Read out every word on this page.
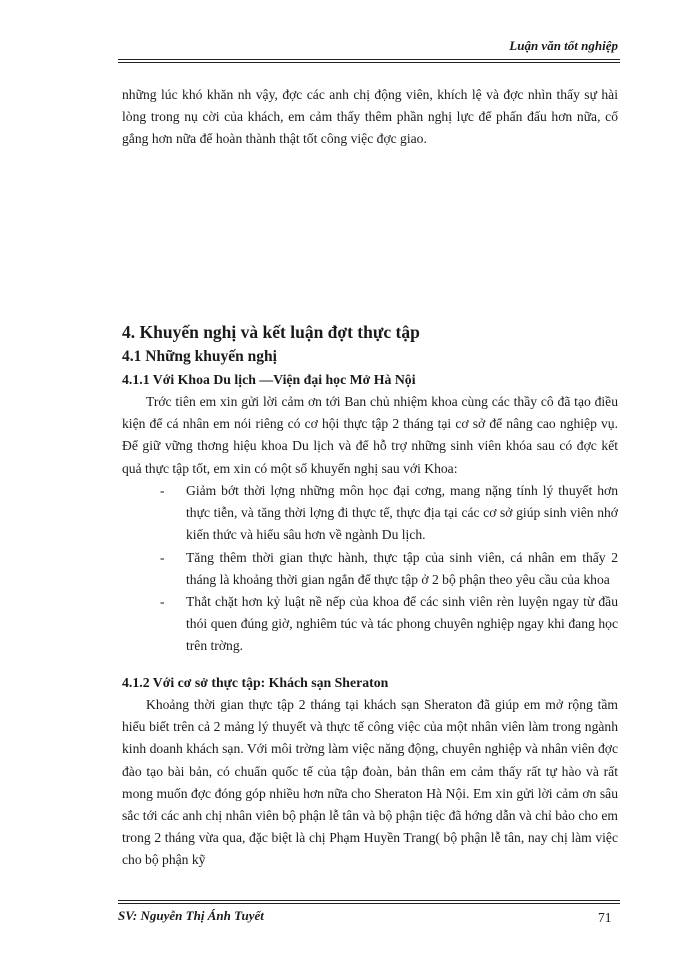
Luận văn tốt nghiệp
những lúc khó khăn nh vậy, đợc các anh chị động viên, khích lệ và đợc nhìn thấy sự hài lòng trong nụ cời của khách, em cảm thấy thêm phần nghị lực để phấn đấu hơn nữa, cố gắng hơn nữa để hoàn thành thật tốt công việc đợc giao.
4. Khuyến nghị và kết luận đợt thực tập
4.1 Những khuyến nghị
4.1.1 Với Khoa Du lịch —Viện đại học Mở Hà Nội
Trớc tiên em xin gửi lời cảm ơn tới Ban chủ nhiệm khoa cùng các thầy cô đã tạo điều kiện để cá nhân em nói riêng có cơ hội thực tập 2 tháng tại cơ sở để nâng cao nghiệp vụ. Để giữ vững thơng hiệu khoa Du lịch và để hỗ trợ những sinh viên khóa sau có đợc kết quả thực tập tốt, em xin có một số khuyến nghị sau với Khoa:
- Giảm bớt thời lợng những môn học đại cơng, mang nặng tính lý thuyết hơn thực tiễn, và tăng thời lợng đi thực tế, thực địa tại các cơ sở giúp sinh viên nhớ kiến thức và hiểu sâu hơn về ngành Du lịch.
- Tăng thêm thời gian thực hành, thực tập của sinh viên, cá nhân em thấy 2 tháng là khoảng thời gian ngắn để thực tập ở 2 bộ phận theo yêu cầu của khoa
- Thắt chặt hơn kỷ luật nề nếp của khoa để các sinh viên rèn luyện ngay từ đầu thói quen đúng giờ, nghiêm túc và tác phong chuyên nghiệp ngay khi đang học trên trờng.
4.1.2 Với cơ sở thực tập: Khách sạn Sheraton
Khoảng thời gian thực tập 2 tháng tại khách sạn Sheraton đã giúp em mở rộng tầm hiểu biết trên cả 2 mảng lý thuyết và thực tế công việc của một nhân viên làm trong ngành kinh doanh khách sạn. Với môi trờng làm việc năng động, chuyên nghiệp và nhân viên đợc đào tạo bài bản, có chuẩn quốc tế của tập đoàn, bản thân em cảm thấy rất tự hào và rất mong muốn đợc đóng góp nhiều hơn nữa cho Sheraton Hà Nội. Em xin gửi lời cảm ơn sâu sắc tới các anh chị nhân viên bộ phận lễ tân và bộ phận tiệc đã hớng dẫn và chỉ bảo cho em trong 2 tháng vừa qua, đặc biệt là chị Phạm Huyền Trang( bộ phận lễ tân, nay chị làm việc cho bộ phận kỹ
SV: Nguyễn Thị Ánh Tuyết	71
